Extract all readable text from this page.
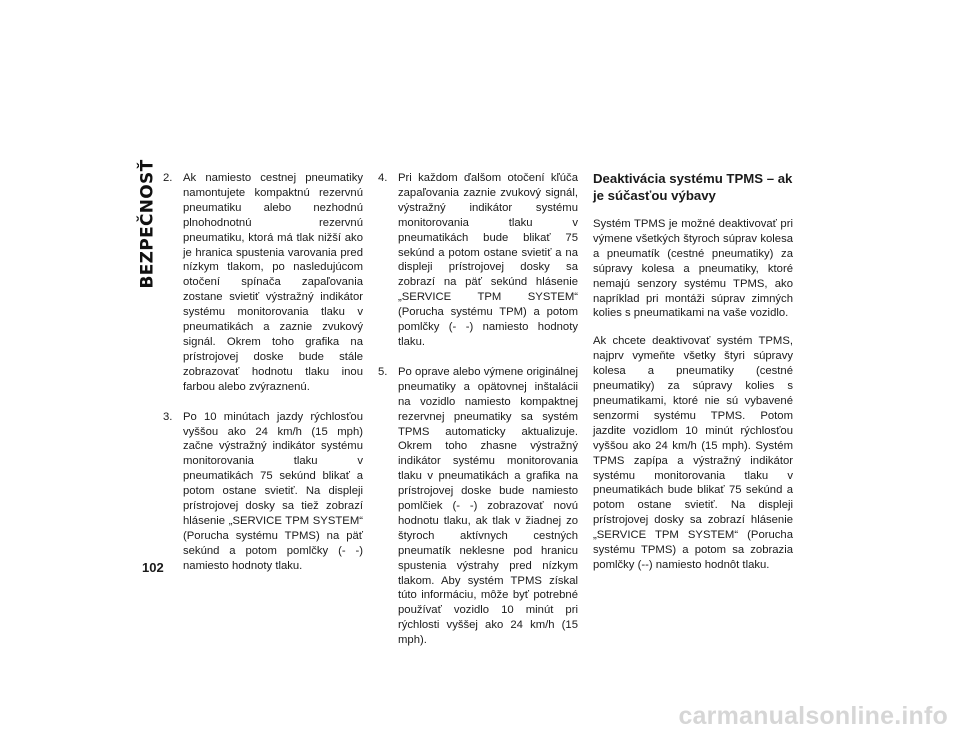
BEZPEČNOSŤ 2. Ak namiesto cestnej pneumatiky namontujete kompaktnú rezervnú pneumatiku alebo nezhodnú plnohodnotnú rezervnú pneumatiku, ktorá má tlak nižší ako je hranica spustenia varovania pred nízkym tlakom, po nasledujúcom otočení spínača zapaľovania zostane svietiť výstražný indikátor systému monitorovania tlaku v pneumatikách a zaznie zvukový signál. Okrem toho grafika na prístrojovej doske bude stále zobrazovať hodnotu tlaku inou farbou alebo zvýraznenú.

3. Po 10 minútach jazdy rýchlosťou vyššou ako 24 km/h (15 mph) začne výstražný indikátor systému monitorovania tlaku v pneumatikách 75 sekúnd blikať a potom ostane svietiť. Na displeji prístrojovej dosky sa tiež zobrazí hlásenie „SERVICE TPM SYSTEM“ (Porucha systému TPMS) na päť sekúnd a potom pomlčky (- -) namiesto hodnoty tlaku.

4. Pri každom ďalšom otočení kľúča zapaľovania zaznie zvukový signál, výstražný indikátor systému monitorovania tlaku v pneumatikách bude blikať 75 sekúnd a potom ostane svietiť a na displeji prístrojovej dosky sa zobrazí na päť sekúnd hlásenie „SERVICE TPM SYSTEM“ (Porucha systému TPM) a potom pomlčky (- -) namiesto hodnoty tlaku.

5. Po oprave alebo výmene originálnej pneumatiky a opätovnej inštalácii na vozidlo namiesto kompaktnej rezervnej pneumatiky sa systém TPMS automaticky aktualizuje. Okrem toho zhasne výstražný indikátor systému monitorovania tlaku v pneumatikách a grafika na prístrojovej doske bude namiesto pomlčiek (- -) zobrazovať novú hodnotu tlaku, ak tlak v žiadnej zo štyroch aktívnych cestných pneumatík neklesne pod hranicu spustenia výstrahy pred nízkym tlakom. Aby systém TPMS získal túto informáciu, môže byť potrebné používať vozidlo 10 minút pri rýchlosti vyššej ako 24 km/h (15 mph).

Deaktivácia systému TPMS – ak je súčasťou výbavy

Systém TPMS je možné deaktivovať pri výmene všetkých štyroch súprav kolesa a pneumatík (cestné pneumatiky) za súpravy kolesa a pneumatiky, ktoré nemajú senzory systému TPMS, ako napríklad pri montáži súprav zimných kolies s pneumatikami na vaše vozidlo.

Ak chcete deaktivovať systém TPMS, najprv vymeňte všetky štyri súpravy kolesa a pneumatiky (cestné pneumatiky) za súpravy kolies s pneumatikami, ktoré nie sú vybavené senzormi systému TPMS. Potom jazdite vozidlom 10 minút rýchlosťou vyššou ako 24 km/h (15 mph). Systém TPMS zapípa a výstražný indikátor systému monitorovania tlaku v pneumatikách bude blikať 75 sekúnd a potom ostane svietiť. Na displeji prístrojovej dosky sa zobrazí hlásenie „SERVICE TPM SYSTEM“ (Porucha systému TPMS) a potom sa zobrazia pomlčky (--) namiesto hodnôt tlaku.

102
carmanualsonline.info
